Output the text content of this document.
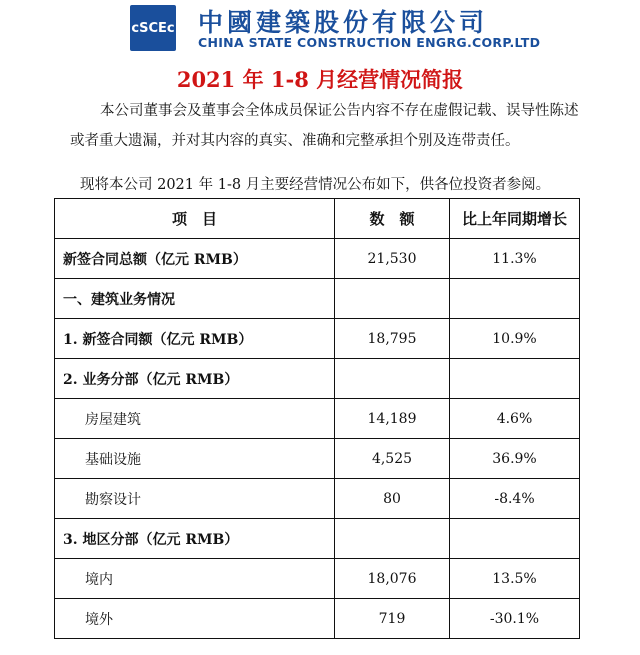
cSCEc 中國建築股份有限公司
CHINA STATE CONSTRUCTION ENGRG.CORP.LTD
2021 年 1-8 月经营情况简报
本公司董事会及董事会全体成员保证公告内容不存在虚假记载、误导性陈述或者重大遗漏，并对其内容的真实、准确和完整承担个别及连带责任。
现将本公司 2021 年 1-8 月主要经营情况公布如下，供各位投资者参阅。
项　目	数　额	比上年同期增长
新签合同总额（亿元 RMB）	21,530	11.3%
一、建筑业务情况		
1. 新签合同额（亿元 RMB）	18,795	10.9%
2. 业务分部（亿元 RMB）		
房屋建筑	14,189	4.6%
基础设施	4,525	36.9%
勘察设计	80	-8.4%
3. 地区分部（亿元 RMB）		
境内	18,076	13.5%
境外	719	-30.1%
